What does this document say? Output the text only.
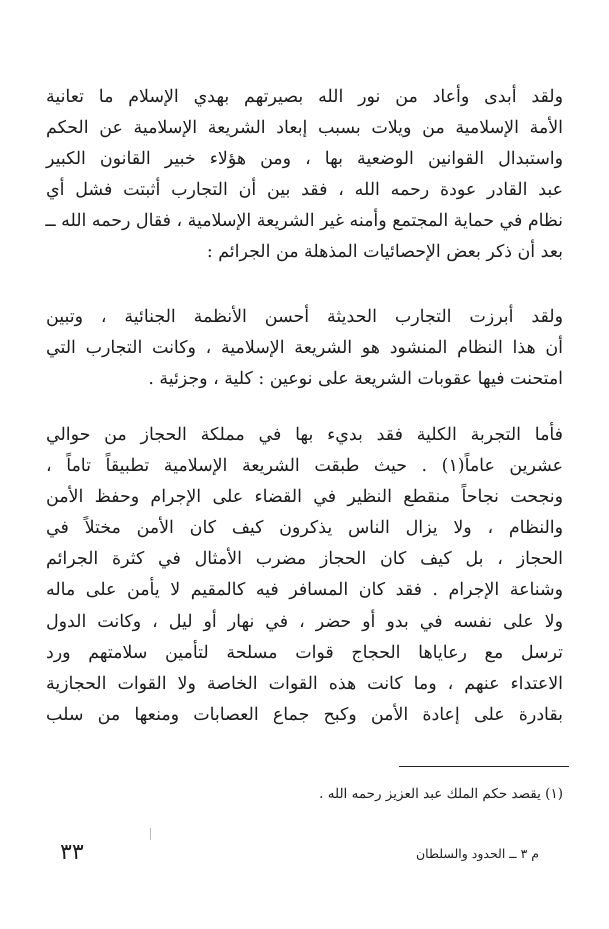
ولقد أبدى وأعاد من نور الله بصيرتهم بهدي الإسلام ما تعانية
الأمة الإسلامية من ويلات بسبب إبعاد الشريعة الإسلامية عن الحكم
واستبدال القوانين الوضعية بها ، ومن هؤلاء خبير القانون الكبير
عبد القادر عودة رحمه الله ، فقد بين أن التجارب أثبتت فشل أي
نظام في حماية المجتمع وأمنه غير الشريعة الإسلامية ، فقال رحمه الله ــ
بعد أن ذكر بعض الإحصائيات المذهلة من الجرائم :
ولقد أبرزت التجارب الحديثة أحسن الأنظمة الجنائية ، وتبين
أن هذا النظام المنشود هو الشريعة الإسلامية ، وكانت التجارب التي
امتحنت فيها عقوبات الشريعة على نوعين : كلية ، وجزئية .
فأما التجربة الكلية فقد بديء بها في مملكة الحجاز من حوالي
عشرين عاماً(١) . حيث طبقت الشريعة الإسلامية تطبيقاً تاماً ،
ونجحت نجاحاً منقطع النظير في القضاء على الإجرام وحفظ الأمن
والنظام ، ولا يزال الناس يذكرون كيف كان الأمن مختلاً في
الحجاز ، بل كيف كان الحجاز مضرب الأمثال في كثرة الجرائم
وشناعة الإجرام . فقد كان المسافر فيه كالمقيم لا يأمن على ماله
ولا على نفسه في بدو أو حضر ، في نهار أو ليل ، وكانت الدول
ترسل مع رعاياها الحجاج قوات مسلحة لتأمين سلامتهم ورد
الاعتداء عنهم ، وما كانت هذه القوات الخاصة ولا القوات الحجازية
بقادرة على إعادة الأمن وكبح جماع العصابات ومنعها من سلب
(١) يقصد حكم الملك عبد العزيز رحمه الله .
م ٣ ــ الحدود والسلطان
٣٣
